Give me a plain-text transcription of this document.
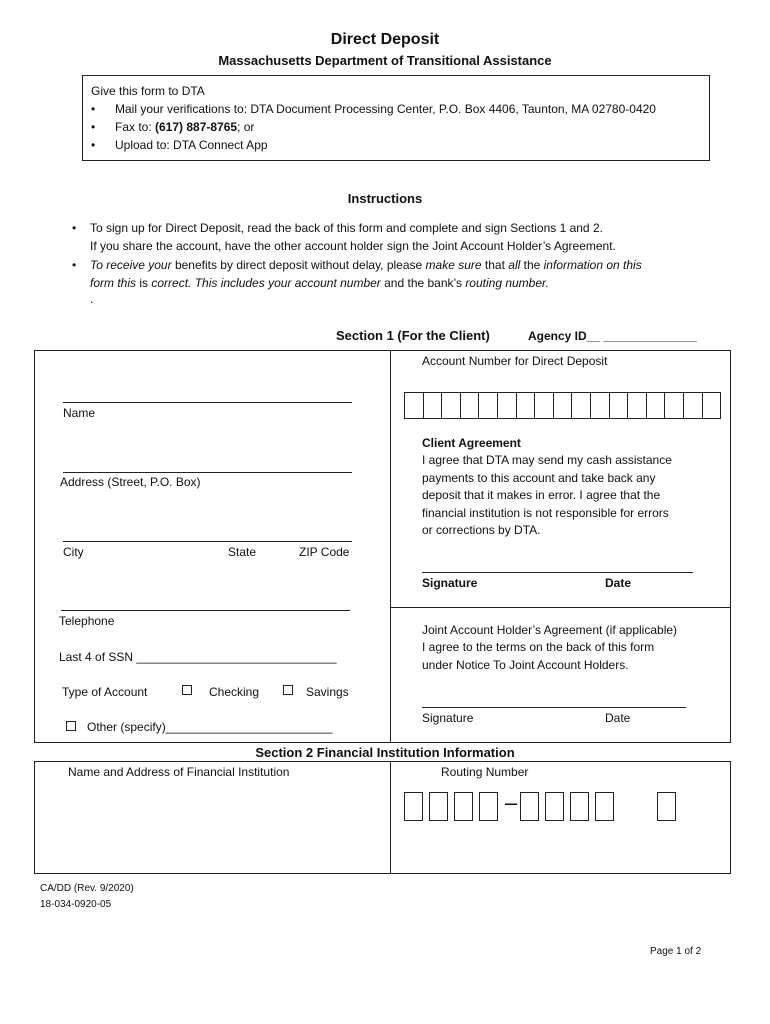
Direct Deposit
Massachusetts Department of Transitional Assistance
Give this form to DTA
• Mail your verifications to: DTA Document Processing Center, P.O. Box 4406, Taunton, MA 02780-0420
• Fax to: (617) 887-8765; or
• Upload to: DTA Connect App
Instructions
• To sign up for Direct Deposit, read the back of this form and complete and sign Sections 1 and 2.
If you share the account, have the other account holder sign the Joint Account Holder’s Agreement.
• To receive your benefits by direct deposit without delay, please make sure that all the information on this
form this is correct. This includes your account number and the bank’s routing number.
.
Section 1 (For the Client)	Agency ID__ ______________
Name
Address (Street, P.O. Box)
City	State	ZIP Code
Telephone
Last 4 of SSN ______________________________
Type of Account	Checking	Savings
Other (specify)_________________________
Account Number for Direct Deposit
Client Agreement
I agree that DTA may send my cash assistance
payments to this account and take back any
deposit that it makes in error. I agree that the
financial institution is not responsible for errors
or corrections by DTA.
Signature	Date
Joint Account Holder’s Agreement (if applicable)
I agree to the terms on the back of this form
under Notice To Joint Account Holders.
Signature	Date
Section 2 Financial Institution Information
Name and Address of Financial Institution	Routing Number
–
CA/DD (Rev. 9/2020)
18-034-0920-05
Page 1 of 2
